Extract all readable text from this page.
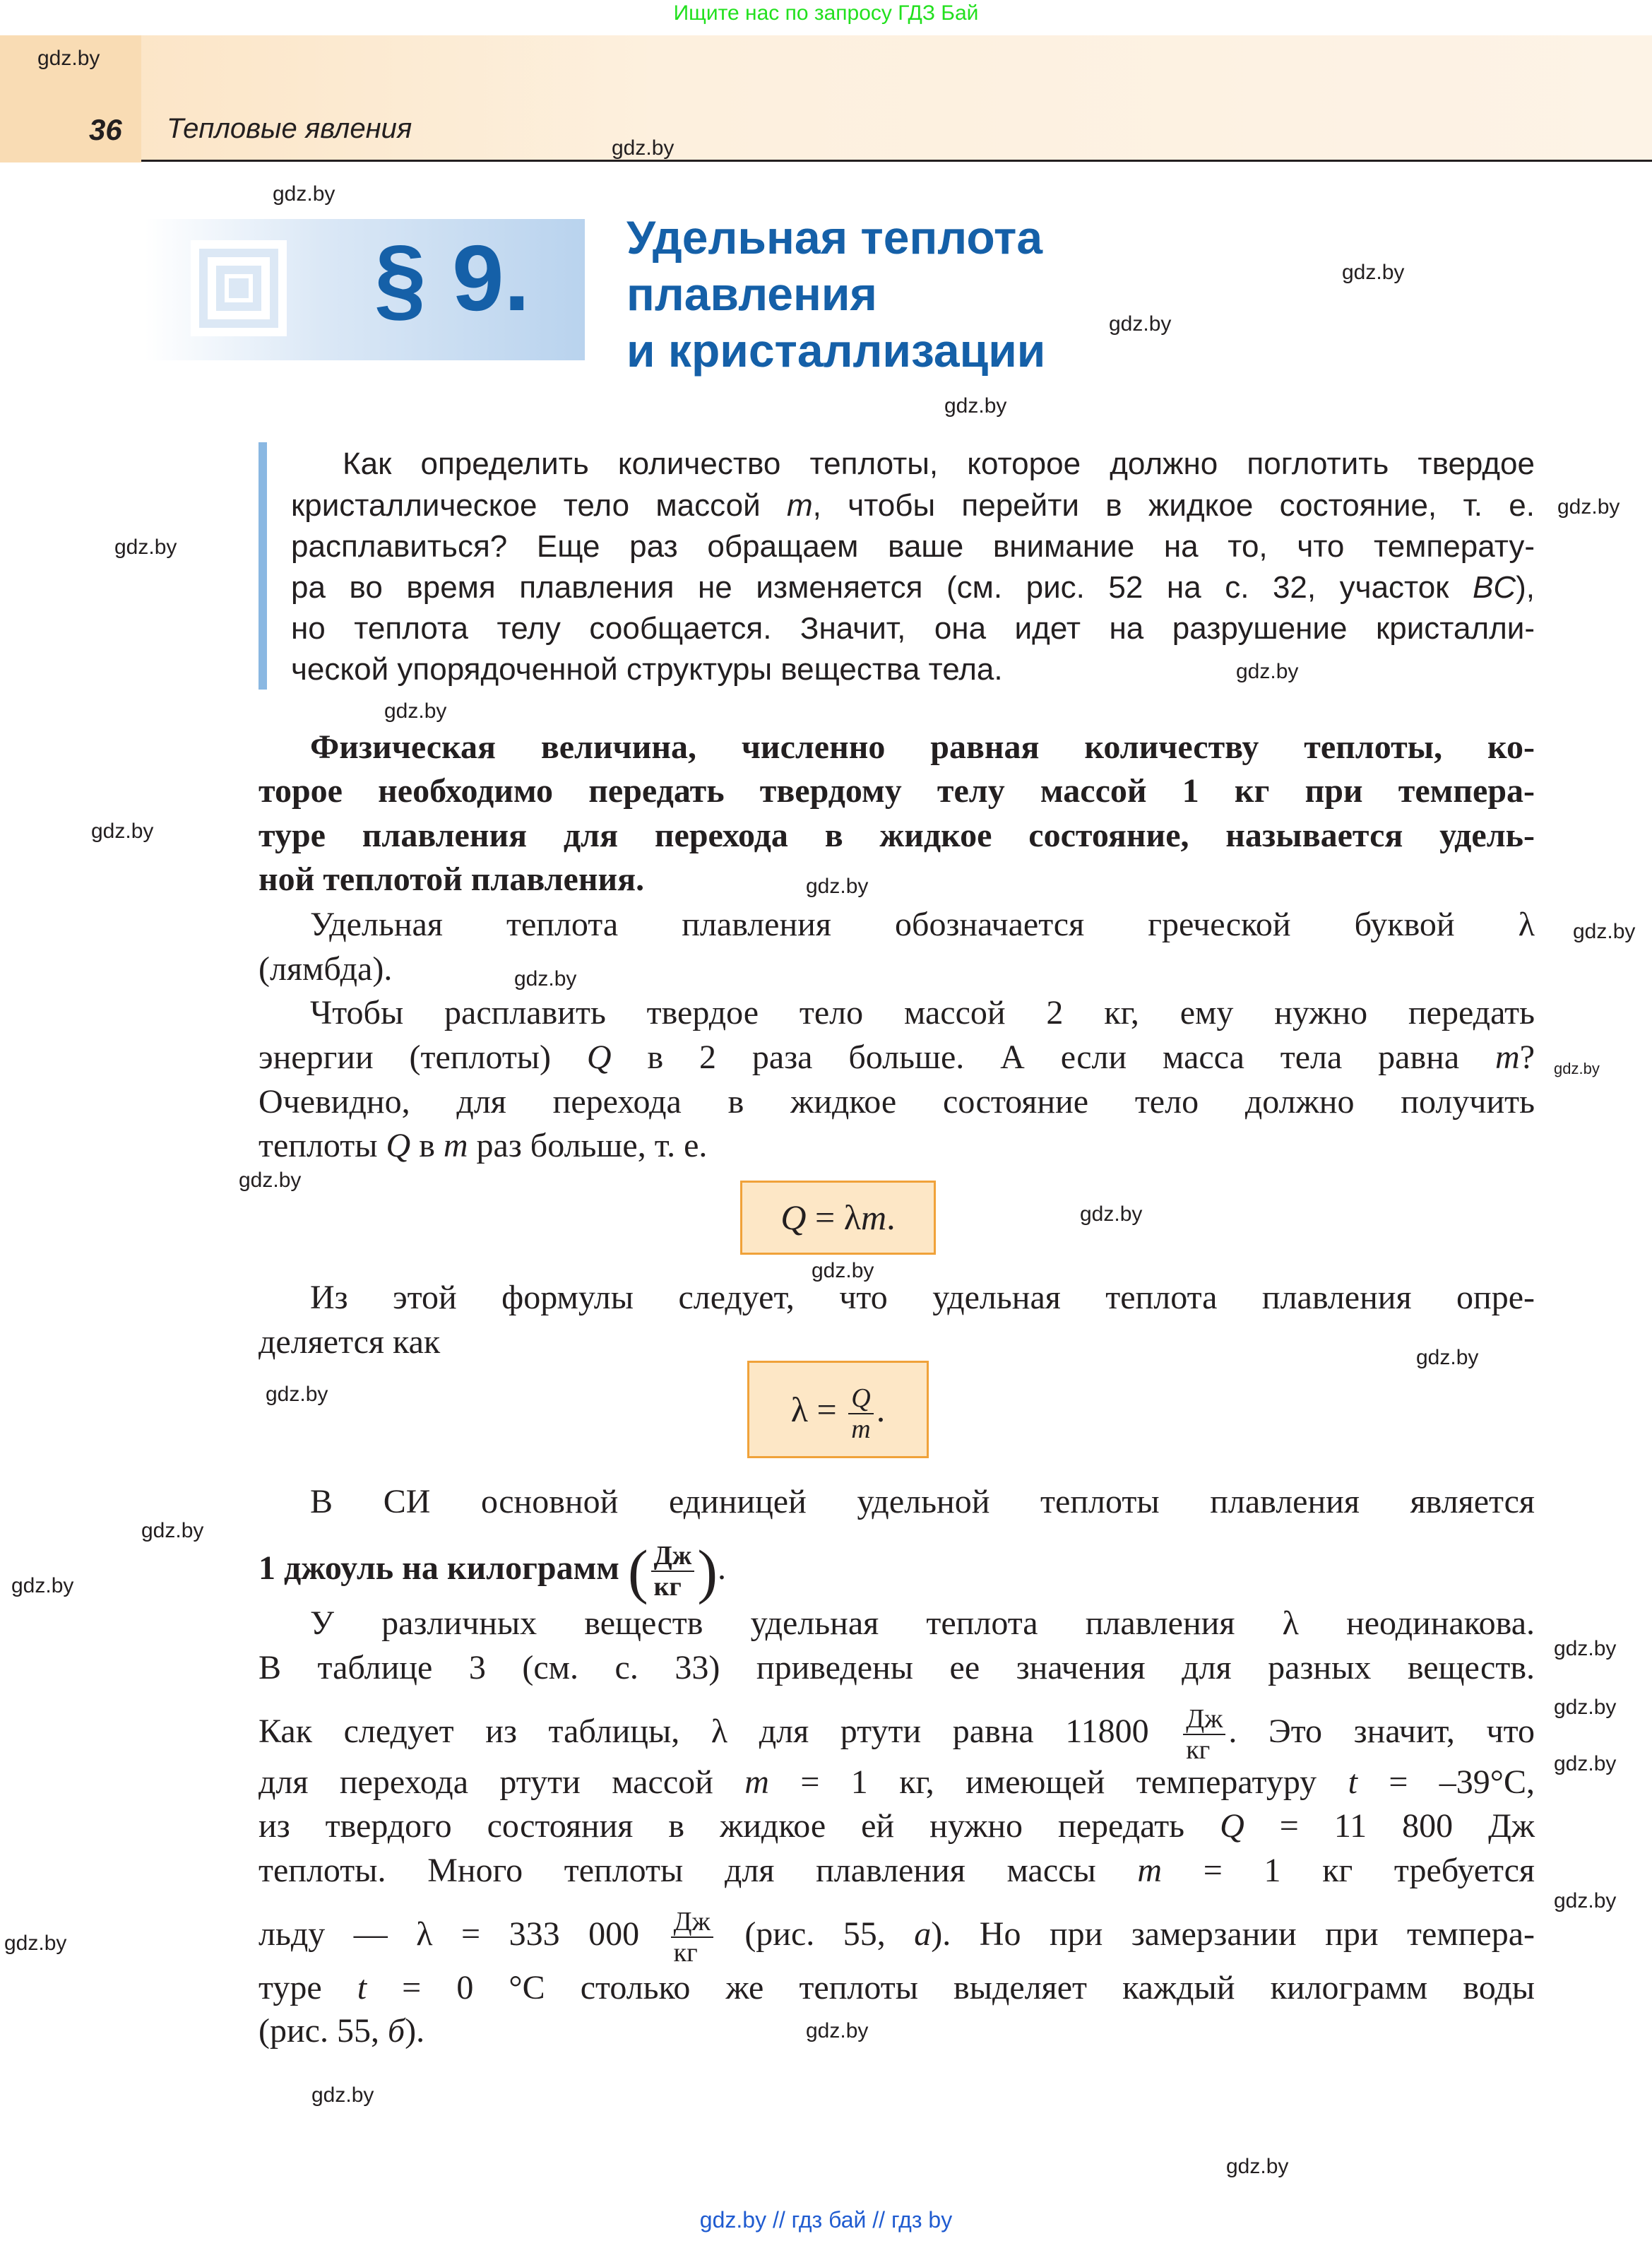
Ищите нас по запросу ГДЗ Бай
36 Тепловые явления
§ 9. Удельная теплота
плавления
и кристаллизации
Как определить количество теплоты, которое должно поглотить твердое
кристаллическое тело массой m, чтобы перейти в жидкое состояние, т. е.
расплавиться? Еще раз обращаем ваше внимание на то, что температу-
ра во время плавления не изменяется (см. рис. 52 на с. 32, участок BC),
но теплота телу сообщается. Значит, она идет на разрушение кристалли-
ческой упорядоченной структуры вещества тела.
Физическая величина, численно равная количеству теплоты, ко-
торое необходимо передать твердому телу массой 1 кг при темпера-
туре плавления для перехода в жидкое состояние, называется удель-
ной теплотой плавления.
Удельная теплота плавления обозначается греческой буквой λ
(лямбда).
Чтобы расплавить твердое тело массой 2 кг, ему нужно передать
энергии (теплоты) Q в 2 раза больше. А если масса тела равна m?
Очевидно, для перехода в жидкое состояние тело должно получить
теплоты Q в m раз больше, т. е.
Q = λm.
Из этой формулы следует, что удельная теплота плавления опре-
деляется как
$\lambda = \frac{Q}{m}$ .
В СИ основной единицей удельной теплоты плавления является
1 джоуль на килограмм ( $\frac{Дж}{кг}$ ).
У различных веществ удельная теплота плавления λ неодинакова.
В таблице 3 (см. с. 33) приведены ее значения для разных веществ.
Как следует из таблицы, λ для ртути равна $11800 \frac{Дж}{кг}$ . Это значит, что
для перехода ртути массой m = 1 кг, имеющей температуру t = –39°С,
из твердого состояния в жидкое ей нужно передать Q = 11 800 Дж
теплоты. Много теплоты для плавления массы m = 1 кг требуется
льду — λ = 333 $000 \frac{Дж}{кг} (рис$. 55, а). Но при замерзании при темпера-
туре t = 0 °С столько же теплоты выделяет каждый килограмм воды
(рис. 55, б).
gdz.by
gdz.by
gdz.by
gdz.by
gdz.by
gdz.by
gdz.by
gdz.by
gdz.by
gdz.by
gdz.by
gdz.by
gdz.by
gdz.by
gdz.by
gdz.by
gdz.by
gdz.by
gdz.by
gdz.by
gdz.by
gdz.by
gdz.by
gdz.by
gdz.by
gdz.by
gdz.by
gdz.by
gdz.by
gdz.by
gdz.by // гдз бай // гдз by
